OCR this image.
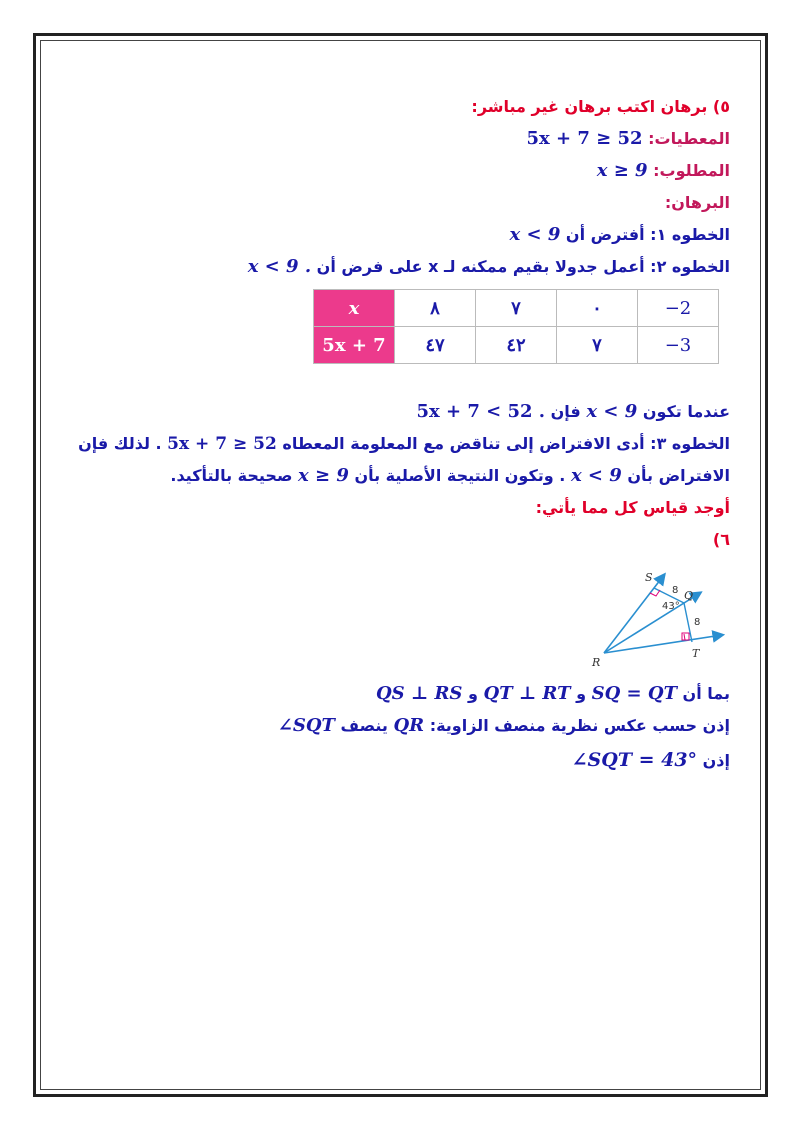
٥) برهان اكتب برهان غير مباشر:
المعطيات: 5x + 7 ≥ 52
المطلوب: x ≥ 9
البرهان:
الخطوه ١: أفترض أن x < 9
الخطوه ٢: أعمل جدولا بقيم ممكنه لـ x على فرض أن x < 9 .
x	٨	٧	٠	−2
5x + 7	٤٧	٤٢	٧	−3
عندما تكون x < 9 فإن 5x + 7 < 52 .
الخطوه ٣: أدى الافتراض إلى تناقض مع المعلومة المعطاه 5x + 7 ≥ 52 . لذلك فإن
الافتراض بأن x < 9 . وتكون النتيجة الأصلية بأن x ≥ 9 صحيحة بالتأكيد.
أوجد قياس كل مما يأتي:
٦)
بما أن SQ = QT و QT ⊥ RT و QS ⊥ RS
إذن حسب عكس نظرية منصف الزاوية: QR ينصف ∠SQT
إذن ∠SQT = 43°
S
Q
R
T
8
8
43°
